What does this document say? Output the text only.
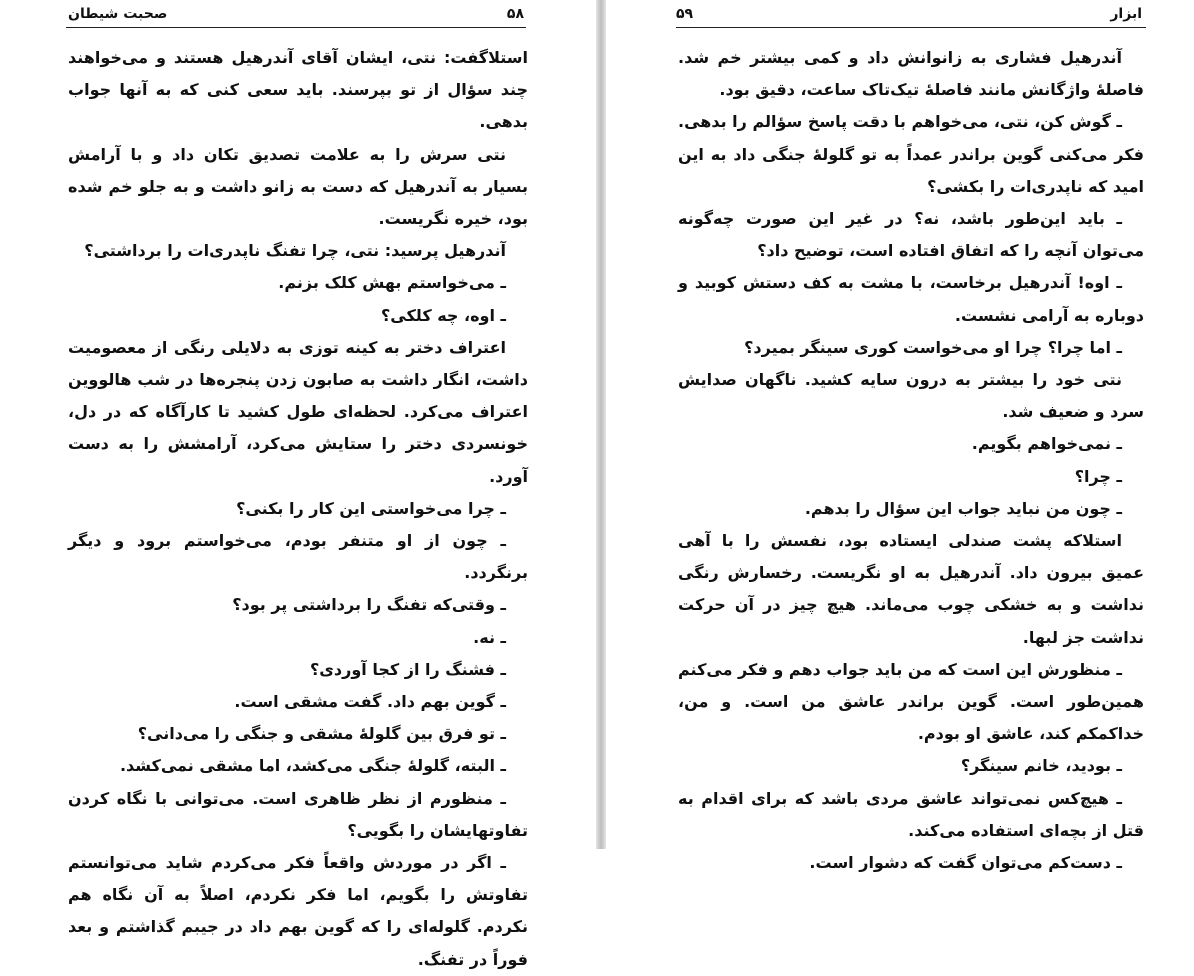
۵۸
صحبت شیطان

استلاگفت: نتی، ایشان آقای آندرهیل هستند و می‌خواهند چند سؤال از تو بپرسند. باید سعی کنی که به آنها جواب بدهی.

نتی سرش را به علامت تصدیق تکان داد و با آرامش بسیار به آندرهیل که دست به زانو داشت و به جلو خم شده بود، خیره نگریست.

آندرهیل پرسید: نتی، چرا تفنگ ناپدری‌ات را برداشتی؟

ـ می‌خواستم بهش کلک بزنم.

ـ اوه، چه کلکی؟

اعتراف دختر به کینه توزی به دلایلی رنگی از معصومیت داشت، انگار داشت به صابون زدن پنجره‌ها در شب هالووین اعتراف می‌کرد. لحظه‌ای طول کشید تا کارآگاه که در دل، خونسردی دختر را ستایش می‌کرد، آرامشش را به دست آورد.

ـ چرا می‌خواستی این کار را بکنی؟

ـ چون از او متنفر بودم، می‌خواستم برود و دیگر برنگردد.

ـ وقتی‌که تفنگ را برداشتی پر بود؟

ـ نه.

ـ فشنگ را از کجا آوردی؟

ـ گوین بهم داد. گفت مشقی است.

ـ تو فرق بین گلولهٔ مشقی و جنگی را می‌دانی؟

ـ البته، گلولهٔ جنگی می‌کشد، اما مشقی نمی‌کشد.

ـ منظورم از نظر ظاهری است. می‌توانی با نگاه کردن تفاوتهایشان را بگویی؟

ـ اگر در موردش واقعاً فکر می‌کردم شاید می‌توانستم تفاوتش را بگویم، اما فکر نکردم، اصلاً به آن نگاه هم نکردم. گلوله‌ای را که گوین بهم داد در جیبم گذاشتم و بعد فوراً در تفنگ.

ابزار
۵۹

آندرهیل فشاری به زانوانش داد و کمی بیشتر خم شد. فاصلهٔ واژگانش مانند فاصلهٔ تیک‌تاک ساعت، دقیق بود.

ـ گوش کن، نتی، می‌خواهم با دقت پاسخ سؤالم را بدهی. فکر می‌کنی گوین براندر عمداً به تو گلولهٔ جنگی داد به این امید که ناپدری‌ات را بکشی؟

ـ باید این‌طور باشد، نه؟ در غیر این صورت چه‌گونه می‌توان آنچه را که اتفاق افتاده است، توضیح داد؟

ـ اوه! آندرهیل برخاست، با مشت به کف دستش کوبید و دوباره به آرامی نشست.

ـ اما چرا؟ چرا او می‌خواست کوری سینگر بمیرد؟

نتی خود را بیشتر به درون سایه کشید. ناگهان صدایش سرد و ضعیف شد.

ـ نمی‌خواهم بگویم.

ـ چرا؟

ـ چون من نباید جواب این سؤال را بدهم.

استلاکه پشت صندلی ایستاده بود، نفسش را با آهی عمیق بیرون داد. آندرهیل به او نگریست. رخسارش رنگی نداشت و به خشکی چوب می‌ماند. هیچ چیز در آن حرکت نداشت جز لبها.

ـ منظورش این است که من باید جواب دهم و فکر می‌کنم همین‌طور است. گوین براندر عاشق من است. و من، خداکمکم کند، عاشق او بودم.

ـ بودید، خانم سینگر؟

ـ هیچ‌کس نمی‌تواند عاشق مردی باشد که برای اقدام به قتل از بچه‌ای استفاده می‌کند.

ـ دست‌کم می‌توان گفت که دشوار است.
